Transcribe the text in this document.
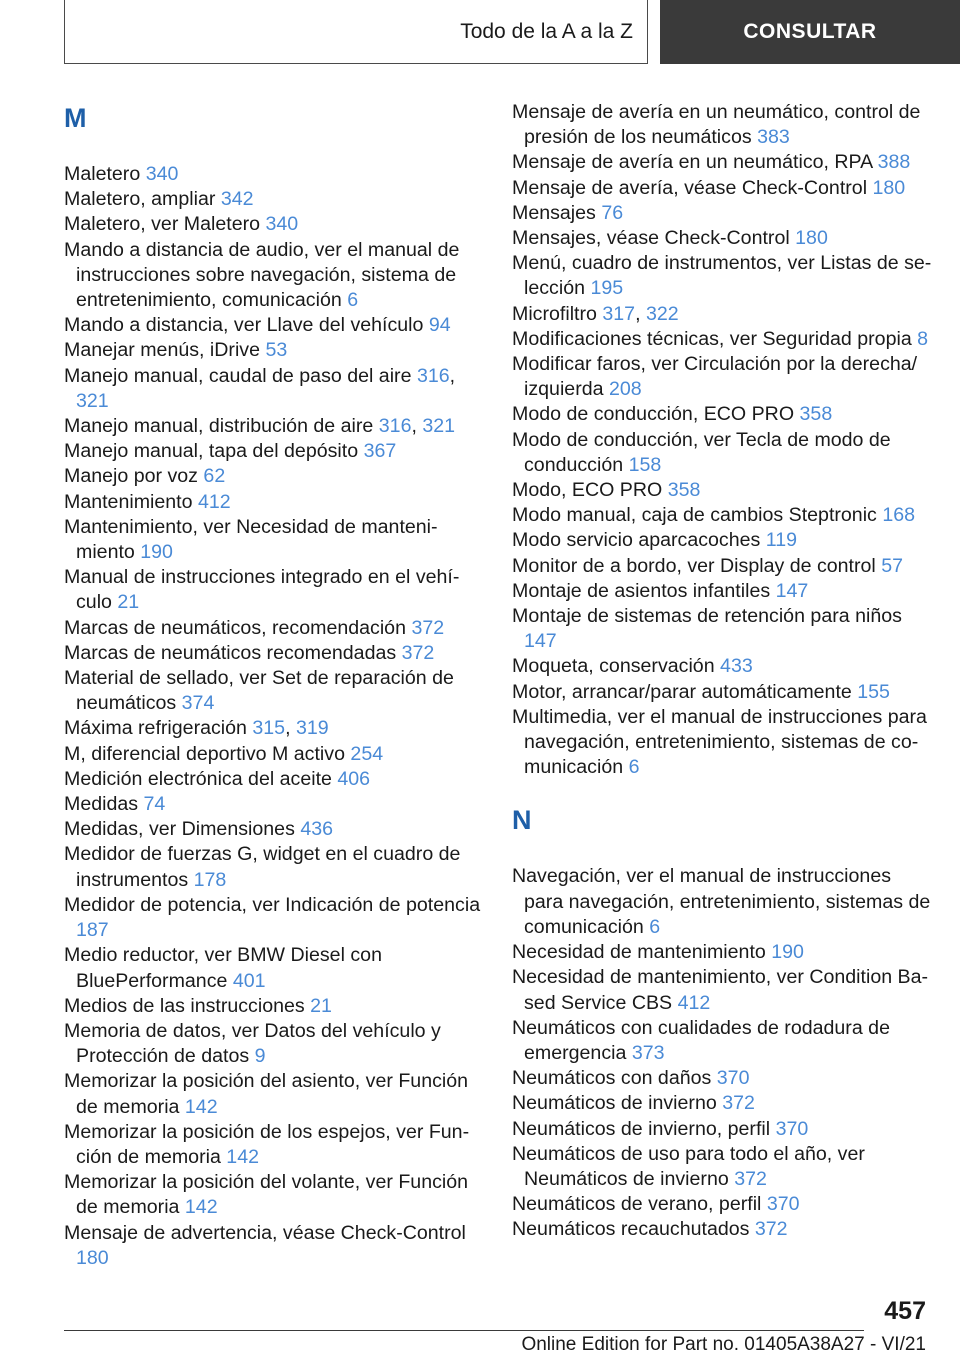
Todo de la A a la Z	CONSULTAR
M
Maletero 340
Maletero, ampliar 342
Maletero, ver Maletero 340
Mando a distancia de audio, ver el manual de instrucciones sobre navegación, sistema de entretenimiento, comunicación 6
Mando a distancia, ver Llave del vehículo 94
Manejar menús, iDrive 53
Manejo manual, caudal de paso del aire 316, 321
Manejo manual, distribución de aire 316, 321
Manejo manual, tapa del depósito 367
Manejo por voz 62
Mantenimiento 412
Mantenimiento, ver Necesidad de mantenimiento 190
Manual de instrucciones integrado en el vehículo 21
Marcas de neumáticos, recomendación 372
Marcas de neumáticos recomendadas 372
Material de sellado, ver Set de reparación de neumáticos 374
Máxima refrigeración 315, 319
M, diferencial deportivo M activo 254
Medición electrónica del aceite 406
Medidas 74
Medidas, ver Dimensiones 436
Medidor de fuerzas G, widget en el cuadro de instrumentos 178
Medidor de potencia, ver Indicación de potencia 187
Medio reductor, ver BMW Diesel con BluePerformance 401
Medios de las instrucciones 21
Memoria de datos, ver Datos del vehículo y Protección de datos 9
Memorizar la posición del asiento, ver Función de memoria 142
Memorizar la posición de los espejos, ver Función de memoria 142
Memorizar la posición del volante, ver Función de memoria 142
Mensaje de advertencia, véase Check-Control 180
Mensaje de avería en un neumático, control de presión de los neumáticos 383
Mensaje de avería en un neumático, RPA 388
Mensaje de avería, véase Check-Control 180
Mensajes 76
Mensajes, véase Check-Control 180
Menú, cuadro de instrumentos, ver Listas de selección 195
Microfiltro 317, 322
Modificaciones técnicas, ver Seguridad propia 8
Modificar faros, ver Circulación por la derecha/ izquierda 208
Modo de conducción, ECO PRO 358
Modo de conducción, ver Tecla de modo de conducción 158
Modo, ECO PRO 358
Modo manual, caja de cambios Steptronic 168
Modo servicio aparcacoches 119
Monitor de a bordo, ver Display de control 57
Montaje de asientos infantiles 147
Montaje de sistemas de retención para niños 147
Moqueta, conservación 433
Motor, arrancar/parar automáticamente 155
Multimedia, ver el manual de instrucciones para navegación, entretenimiento, sistemas de comunicación 6
N
Navegación, ver el manual de instrucciones para navegación, entretenimiento, sistemas de comunicación 6
Necesidad de mantenimiento 190
Necesidad de mantenimiento, ver Condition Based Service CBS 412
Neumáticos con cualidades de rodadura de emergencia 373
Neumáticos con daños 370
Neumáticos de invierno 372
Neumáticos de invierno, perfil 370
Neumáticos de uso para todo el año, ver Neumáticos de invierno 372
Neumáticos de verano, perfil 370
Neumáticos recauchutados 372
457
Online Edition for Part no. 01405A38A27 - VI/21
